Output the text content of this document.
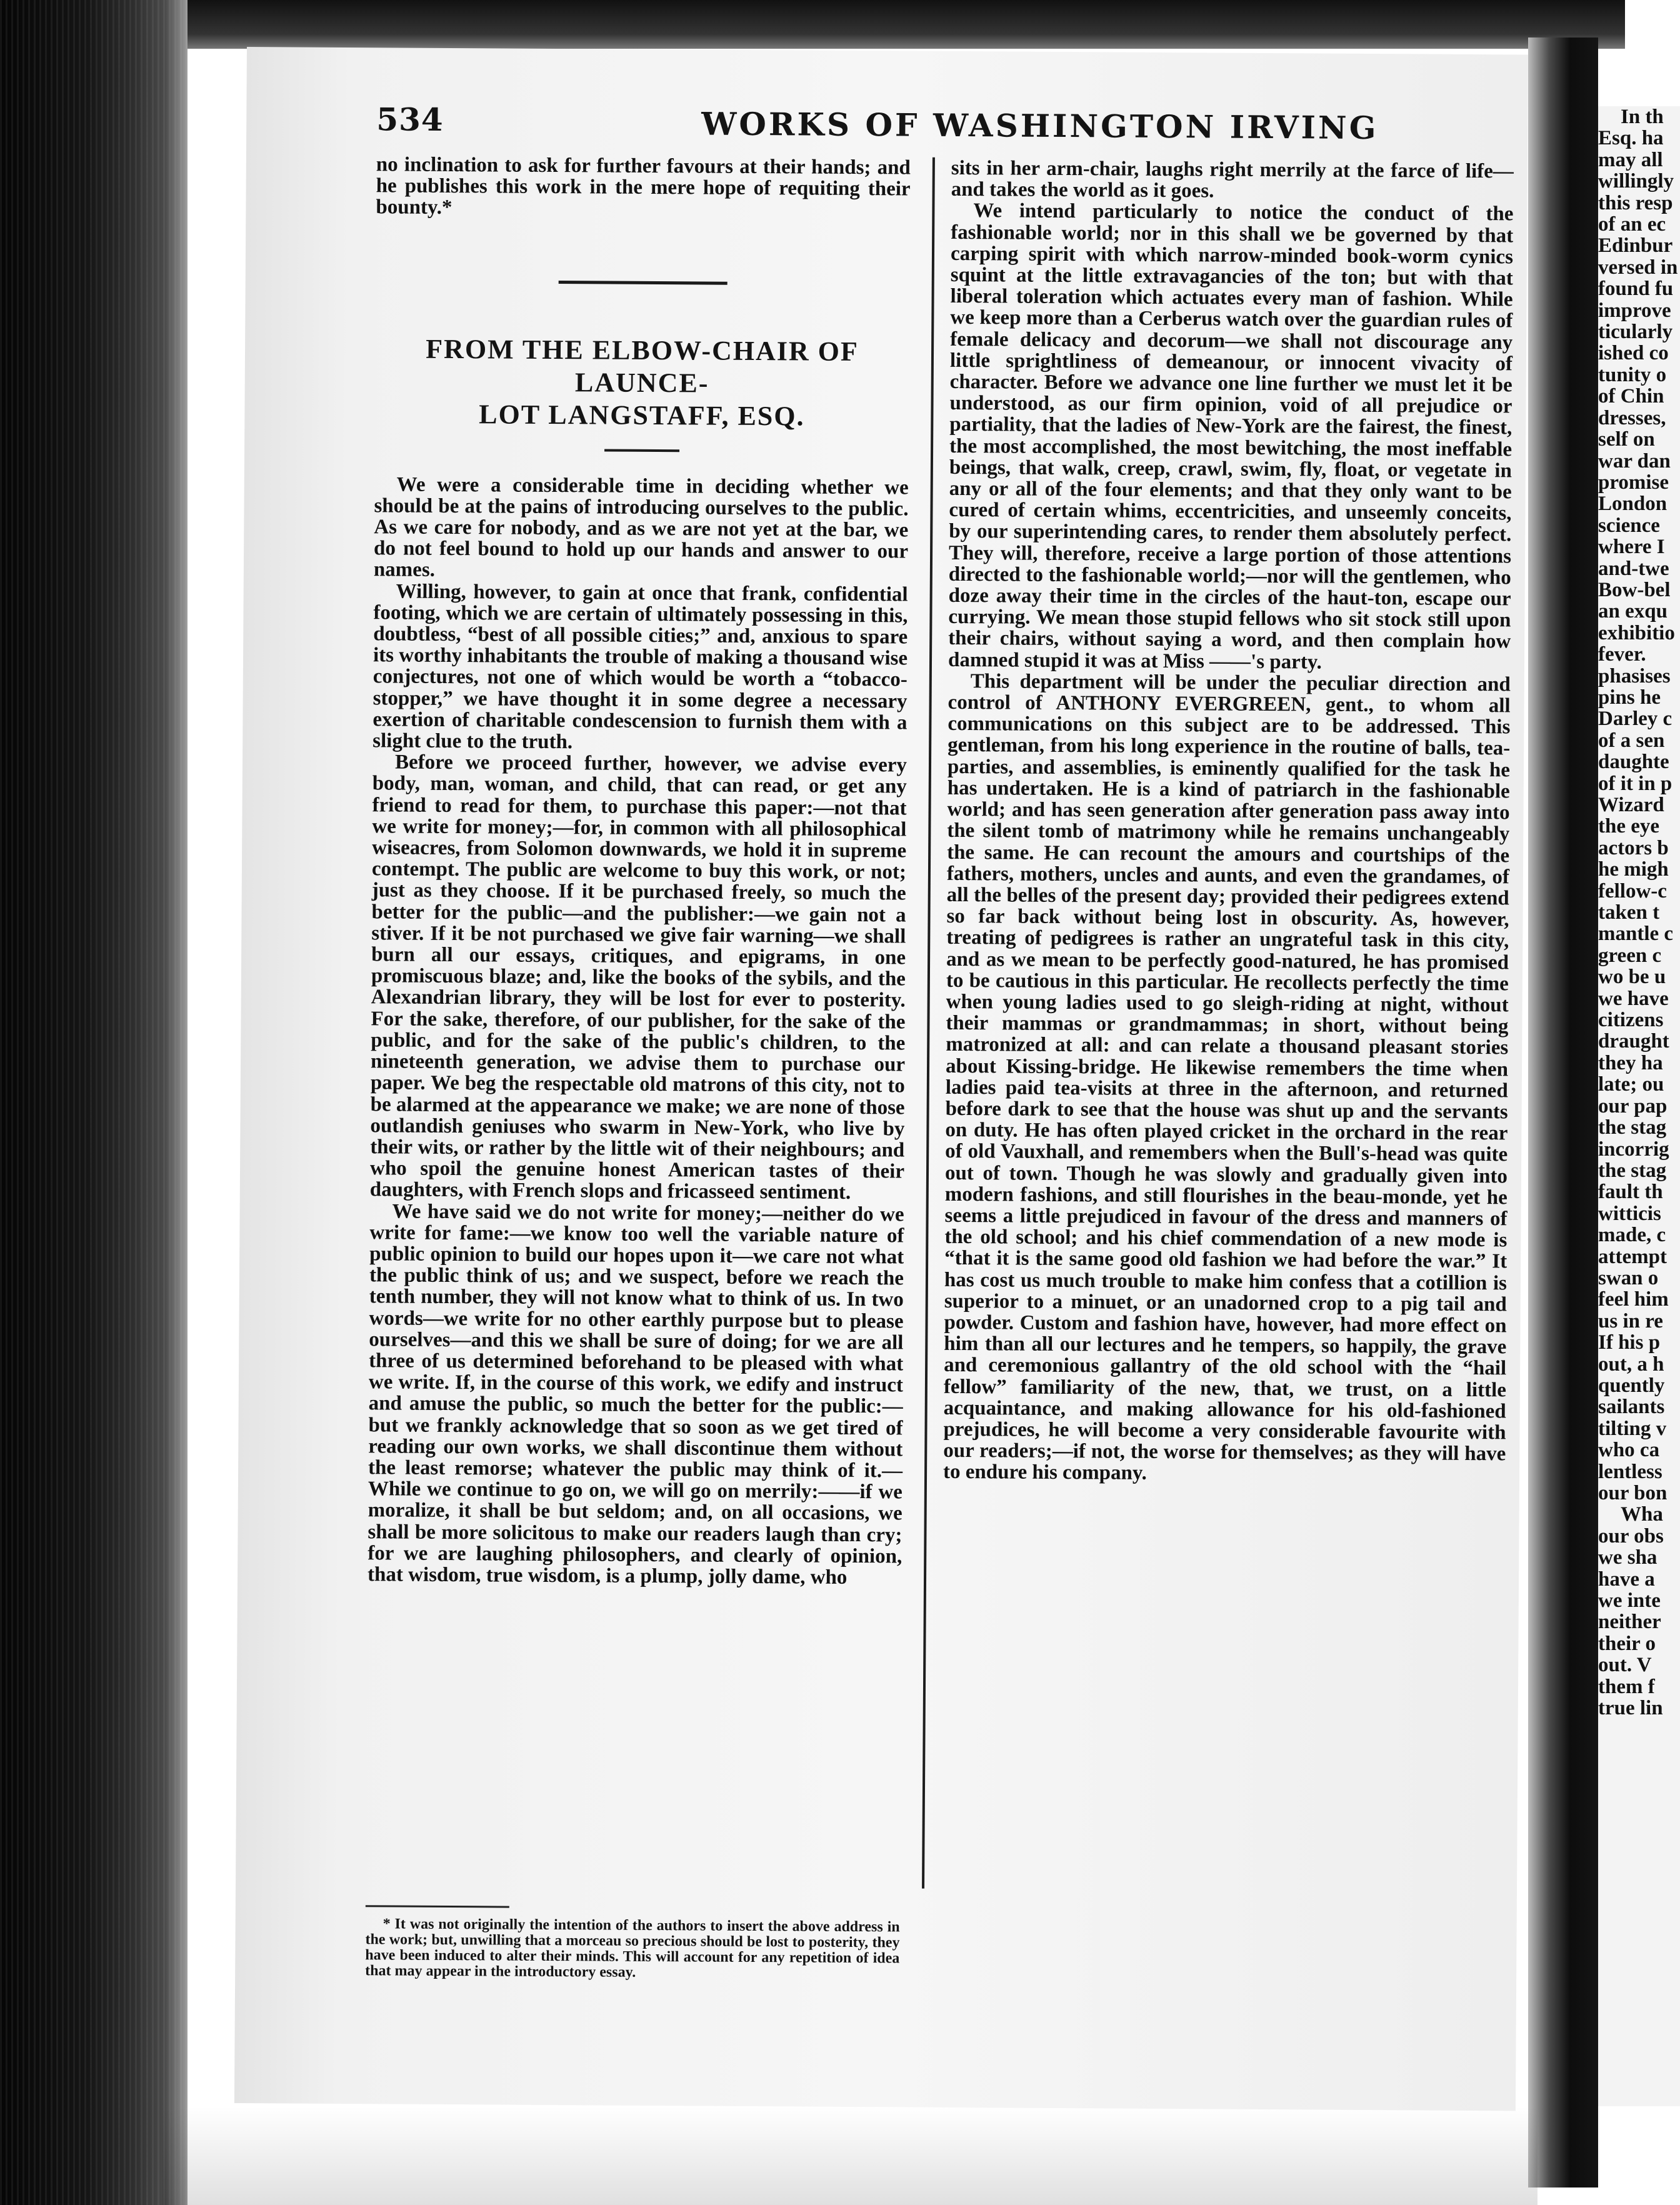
534	WORKS OF WASHINGTON IRVING

no inclination to ask for further favours at their hands; and he publishes this work in the mere hope of requiting their bounty.*

FROM THE ELBOW-CHAIR OF LAUNCE-

LOT LANGSTAFF, ESQ.

We were a considerable time in deciding whether we should be at the pains of introducing ourselves to the public. As we care for nobody, and as we are not yet at the bar, we do not feel bound to hold up our hands and answer to our names.

Willing, however, to gain at once that frank, confidential footing, which we are certain of ultimately possessing in this, doubtless, “best of all possible cities;” and, anxious to spare its worthy inhabitants the trouble of making a thousand wise conjectures, not one of which would be worth a “tobacco-stopper,” we have thought it in some degree a necessary exertion of charitable condescension to furnish them with a slight clue to the truth.

Before we proceed further, however, we advise every body, man, woman, and child, that can read, or get any friend to read for them, to purchase this paper:—not that we write for money;—for, in common with all philosophical wiseacres, from Solomon downwards, we hold it in supreme contempt. The public are welcome to buy this work, or not; just as they choose. If it be purchased freely, so much the better for the public—and the publisher:—we gain not a stiver. If it be not purchased we give fair warning—we shall burn all our essays, critiques, and epigrams, in one promiscuous blaze; and, like the books of the sybils, and the Alexandrian library, they will be lost for ever to posterity. For the sake, therefore, of our publisher, for the sake of the public, and for the sake of the public's children, to the nineteenth generation, we advise them to purchase our paper. We beg the respectable old matrons of this city, not to be alarmed at the appearance we make; we are none of those outlandish geniuses who swarm in New-York, who live by their wits, or rather by the little wit of their neighbours; and who spoil the genuine honest American tastes of their daughters, with French slops and fricasseed sentiment.

We have said we do not write for money;—neither do we write for fame:—we know too well the variable nature of public opinion to build our hopes upon it—we care not what the public think of us; and we suspect, before we reach the tenth number, they will not know what to think of us. In two words—we write for no other earthly purpose but to please ourselves—and this we shall be sure of doing; for we are all three of us determined beforehand to be pleased with what we write. If, in the course of this work, we edify and instruct and amuse the public, so much the better for the public:—but we frankly acknowledge that so soon as we get tired of reading our own works, we shall discontinue them without the least remorse; whatever the public may think of it.—While we continue to go on, we will go on merrily:——if we moralize, it shall be but seldom; and, on all occasions, we shall be more solicitous to make our readers laugh than cry; for we are laughing philosophers, and clearly of opinion, that wisdom, true wisdom, is a plump, jolly dame, who

sits in her arm-chair, laughs right merrily at the farce of life—and takes the world as it goes.

We intend particularly to notice the conduct of the fashionable world; nor in this shall we be governed by that carping spirit with which narrow-minded book-worm cynics squint at the little extravagancies of the ton; but with that liberal toleration which actuates every man of fashion. While we keep more than a Cerberus watch over the guardian rules of female delicacy and decorum—we shall not discourage any little sprightliness of demeanour, or innocent vivacity of character. Before we advance one line further we must let it be understood, as our firm opinion, void of all prejudice or partiality, that the ladies of New-York are the fairest, the finest, the most accomplished, the most bewitching, the most ineffable beings, that walk, creep, crawl, swim, fly, float, or vegetate in any or all of the four elements; and that they only want to be cured of certain whims, eccentricities, and unseemly conceits, by our superintending cares, to render them absolutely perfect. They will, therefore, receive a large portion of those attentions directed to the fashionable world;—nor will the gentlemen, who doze away their time in the circles of the haut-ton, escape our currying. We mean those stupid fellows who sit stock still upon their chairs, without saying a word, and then complain how damned stupid it was at Miss ——'s party.

This department will be under the peculiar direction and control of ANTHONY EVERGREEN, gent., to whom all communications on this subject are to be addressed. This gentleman, from his long experience in the routine of balls, tea-parties, and assemblies, is eminently qualified for the task he has undertaken. He is a kind of patriarch in the fashionable world; and has seen generation after generation pass away into the silent tomb of matrimony while he remains unchangeably the same. He can recount the amours and courtships of the fathers, mothers, uncles and aunts, and even the grandames, of all the belles of the present day; provided their pedigrees extend so far back without being lost in obscurity. As, however, treating of pedigrees is rather an ungrateful task in this city, and as we mean to be perfectly good-natured, he has promised to be cautious in this particular. He recollects perfectly the time when young ladies used to go sleigh-riding at night, without their mammas or grandmammas; in short, without being matronized at all: and can relate a thousand pleasant stories about Kissing-bridge. He likewise remembers the time when ladies paid tea-visits at three in the afternoon, and returned before dark to see that the house was shut up and the servants on duty. He has often played cricket in the orchard in the rear of old Vauxhall, and remembers when the Bull's-head was quite out of town. Though he was slowly and gradually given into modern fashions, and still flourishes in the beau-monde, yet he seems a little prejudiced in favour of the dress and manners of the old school; and his chief commendation of a new mode is “that it is the same good old fashion we had before the war.” It has cost us much trouble to make him confess that a cotillion is superior to a minuet, or an unadorned crop to a pig tail and powder. Custom and fashion have, however, had more effect on him than all our lectures and he tempers, so happily, the grave and ceremonious gallantry of the old school with the “hail fellow” familiarity of the new, that, we trust, on a little acquaintance, and making allowance for his old-fashioned prejudices, he will become a very considerable favourite with our readers;—if not, the worse for themselves; as they will have to endure his company.

* It was not originally the intention of the authors to insert the above address in the work; but, unwilling that a morceau so precious should be lost to posterity, they have been induced to alter their minds. This will account for any repetition of idea that may appear in the introductory essay.

In th
Esq. ha
may all
willingly
this resp
of an ec
Edinbur
versed in
found fu
improve
ticularly
ished co
tunity o
of Chin
dresses,
self on
war dan
promise
London
science
where I
and-twe
Bow-bel
an exqu
exhibitio
fever.
phasises
pins he
Darley c
of a sen
daughte
of it in p
Wizard
the eye
actors b
he migh
fellow-c
taken t
mantle c
green c
wo be u
we have
citizens
draught
they ha
late; ou
our pap
the stag
incorrig
the stag
fault th
witticis
made, c
attempt
swan o
feel him
us in re
If his p
out, a h
quently
sailants
tilting v
who ca
lentless
our bon
Wha
our obs
we sha
have a
we inte
neither
their o
out. V
them f
true lin
